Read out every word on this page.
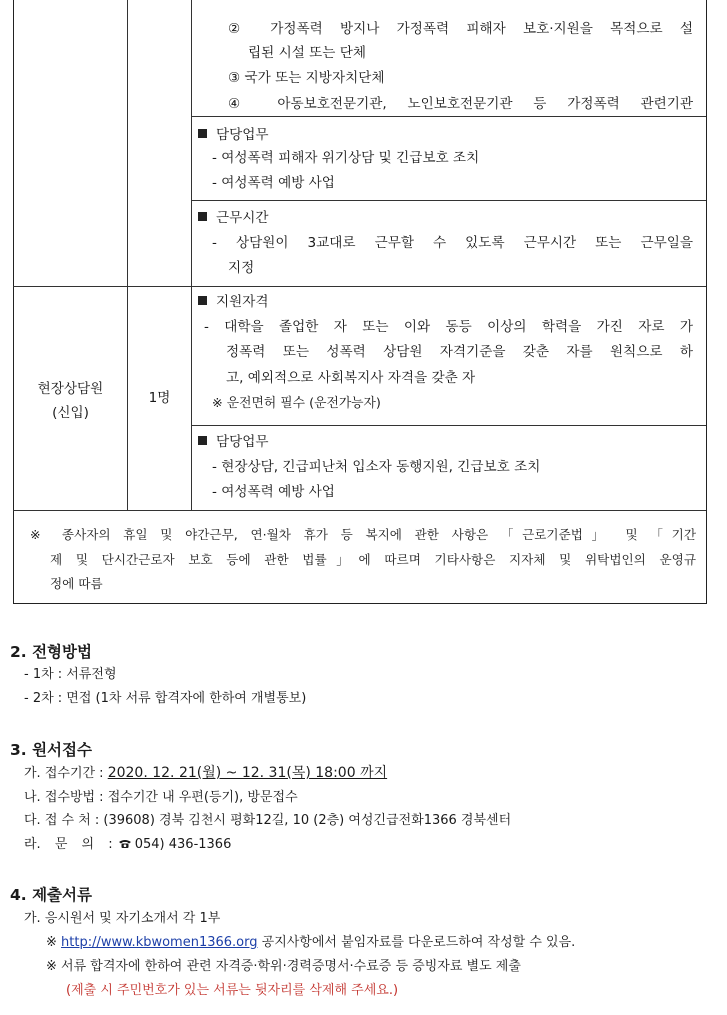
② 가정폭력 방지나 가정폭력 피해자 보호·지원을 목적으로 설
립된 시설 또는 단체
③ 국가 또는 지방자치단체
④ 아동보호전문기관, 노인보호전문기관 등 가정폭력 관련기관
담당업무
- 여성폭력 피해자 위기상담 및 긴급보호 조치
- 여성폭력 예방 사업
근무시간
- 상담원이 3교대로 근무할 수 있도록 근무시간 또는 근무일을
지정
현장상담원
(신입)
1명
지원자격
- 대학을 졸업한 자 또는 이와 동등 이상의 학력을 가진 자로 가
정폭력 또는 성폭력 상담원 자격기준을 갖춘 자를 원칙으로 하
고, 예외적으로 사회복지사 자격을 갖춘 자
※ 운전면허 필수 (운전가능자)
담당업무
- 현장상담, 긴급피난처 입소자 동행지원, 긴급보호 조치
- 여성폭력 예방 사업
※ 종사자의 휴일 및 야간근무, 연·월차 휴가 등 복지에 관한 사항은 「근로기준법」 및 「기간
제 및 단시간근로자 보호 등에 관한 법률」에 따르며 기타사항은 지자체 및 위탁법인의 운영규
정에 따름
2. 전형방법
- 1차 : 서류전형
- 2차 : 면접 (1차 서류 합격자에 한하여 개별통보)
3. 원서접수
가. 접수기간 : 2020. 12. 21(월) ~ 12. 31(목) 18:00 까지
나. 접수방법 : 접수기간 내 우편(등기), 방문접수
다. 접 수 처 : (39608) 경북 김천시 평화12길, 10 (2층) 여성긴급전화1366 경북센터
라. 문 의 : 054) 436-1366
4. 제출서류
가. 응시원서 및 자기소개서 각 1부
※ http://www.kbwomen1366.org 공지사항에서 붙임자료를 다운로드하여 작성할 수 있음.
※ 서류 합격자에 한하여 관련 자격증·학위·경력증명서·수료증 등 증빙자료 별도 제출
(제출 시 주민번호가 있는 서류는 뒷자리를 삭제해 주세요.)
